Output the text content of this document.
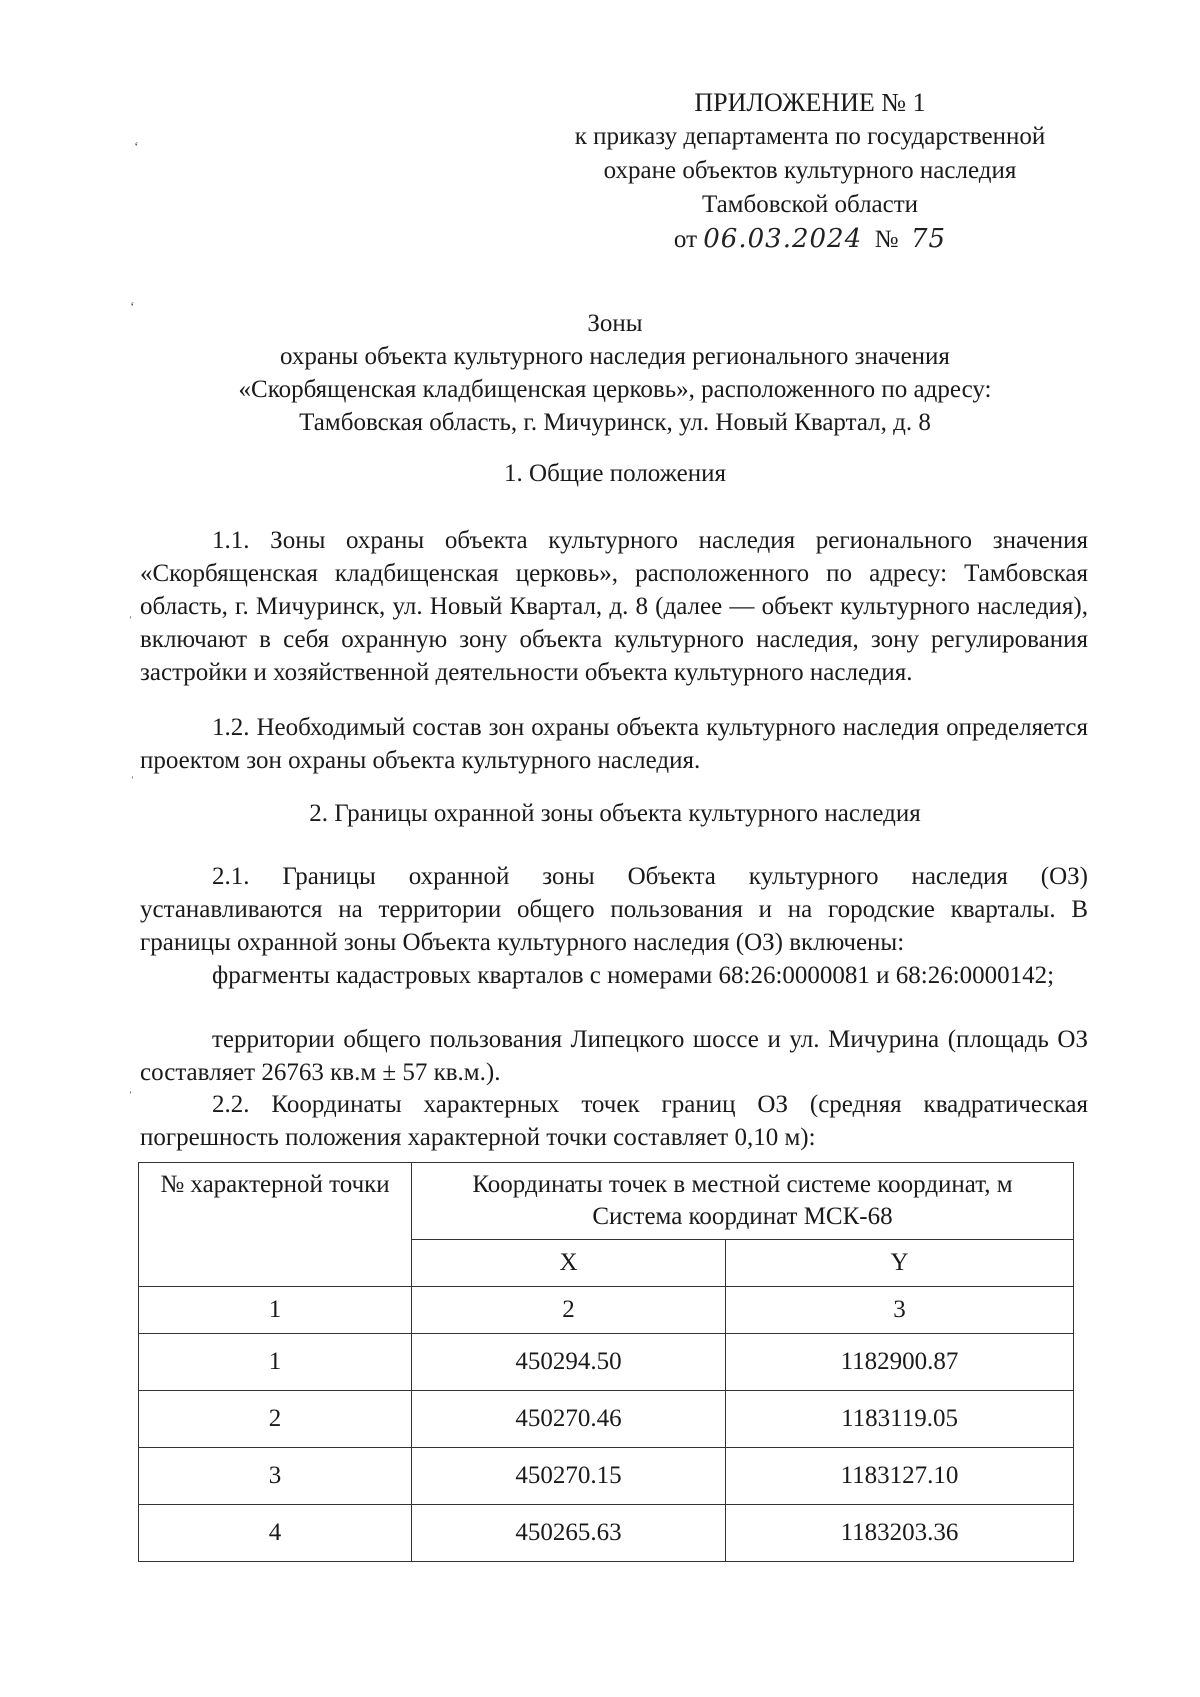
ПРИЛОЖЕНИЕ № 1
к приказу департамента по государственной
охране объектов культурного наследия
Тамбовской области
от 06.03.2024 № 75
Зоны
охраны объекта культурного наследия регионального значения
«Скорбященская кладбищенская церковь», расположенного по адресу:
Тамбовская область, г. Мичуринск, ул. Новый Квартал, д. 8
1. Общие положения
1.1. Зоны охраны объекта культурного наследия регионального значения «Скорбященская кладбищенская церковь», расположенного по адресу: Тамбовская область, г. Мичуринск, ул. Новый Квартал, д. 8 (далее — объект культурного наследия), включают в себя охранную зону объекта культурного наследия, зону регулирования застройки и хозяйственной деятельности объекта культурного наследия.
1.2. Необходимый состав зон охраны объекта культурного наследия определяется проектом зон охраны объекта культурного наследия.
2. Границы охранной зоны объекта культурного наследия
2.1. Границы охранной зоны Объекта культурного наследия (ОЗ) устанавливаются на территории общего пользования и на городские кварталы. В границы охранной зоны Объекта культурного наследия (ОЗ) включены:
фрагменты кадастровых кварталов с номерами 68:26:0000081 и 68:26:0000142;
территории общего пользования Липецкого шоссе и ул. Мичурина (площадь ОЗ составляет 26763 кв.м ± 57 кв.м.).
2.2. Координаты характерных точек границ ОЗ (средняя квадратическая погрешность положения характерной точки составляет 0,10 м):
№ характерной точки	Координаты точек в местной системе координат, м
Система координат МСК-68	

	X	Y
1	2	3
1	450294.50	1182900.87
2	450270.46	1183119.05
3	450270.15	1183127.10
4	450265.63	1183203.36
ʻ
ʻ
ˈ
ˈ
ˈ
